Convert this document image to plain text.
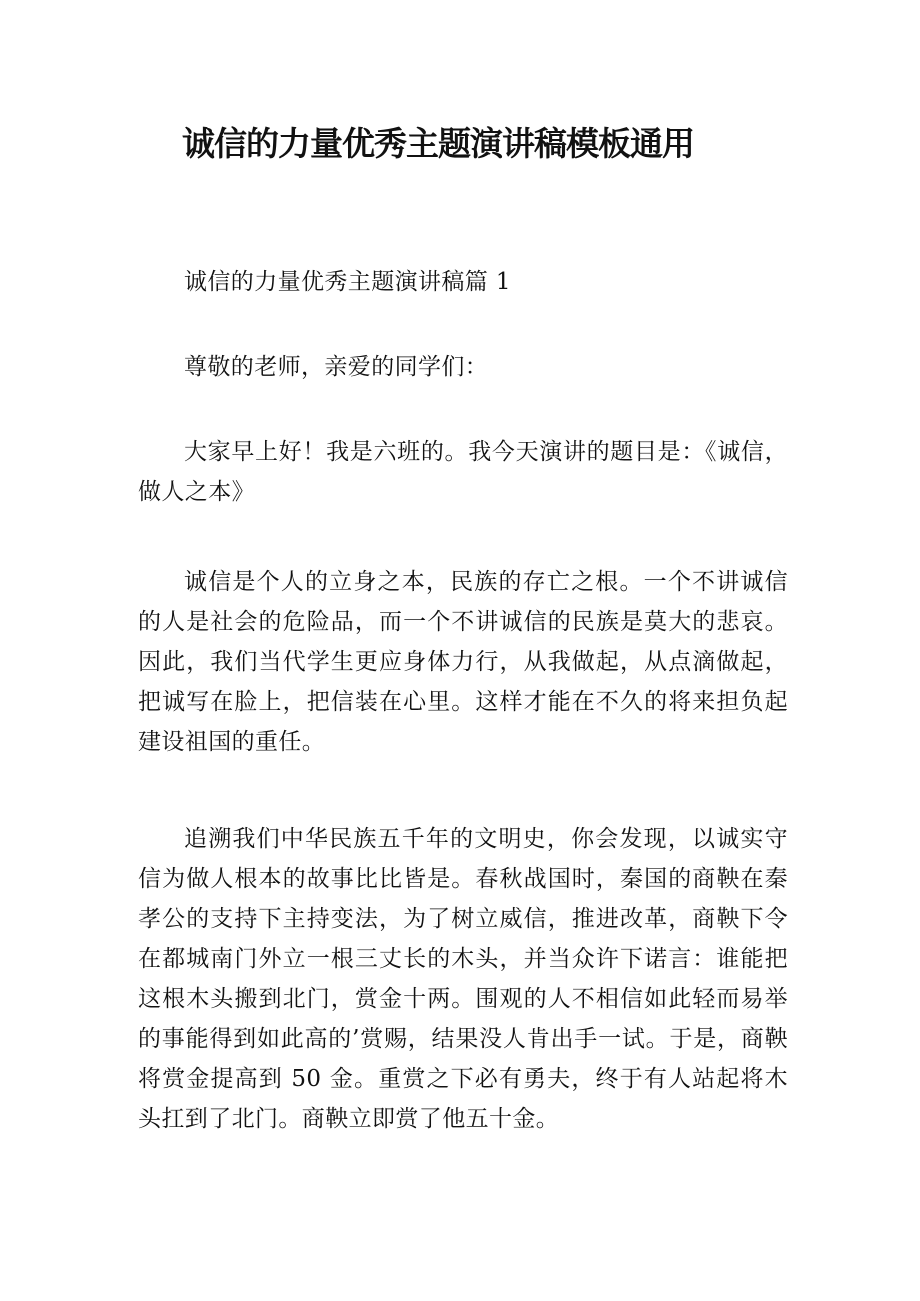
诚信的力量优秀主题演讲稿模板通用

诚信的力量优秀主题演讲稿篇 1

尊敬的老师，亲爱的同学们：

大家早上好！我是六班的。我今天演讲的题目是：《诚信，做人之本》

诚信是个人的立身之本，民族的存亡之根。一个不讲诚信的人是社会的危险品，而一个不讲诚信的民族是莫大的悲哀。因此，我们当代学生更应身体力行，从我做起，从点滴做起，把诚写在脸上，把信装在心里。这样才能在不久的将来担负起建设祖国的重任。

追溯我们中华民族五千年的文明史，你会发现，以诚实守信为做人根本的故事比比皆是。春秋战国时，秦国的商鞅在秦孝公的支持下主持变法，为了树立威信，推进改革，商鞅下令在都城南门外立一根三丈长的木头，并当众许下诺言：谁能把这根木头搬到北门，赏金十两。围观的人不相信如此轻而易举的事能得到如此高的’赏赐，结果没人肯出手一试。于是，商鞅将赏金提高到 50 金。重赏之下必有勇夫，终于有人站起将木头扛到了北门。商鞅立即赏了他五十金。
